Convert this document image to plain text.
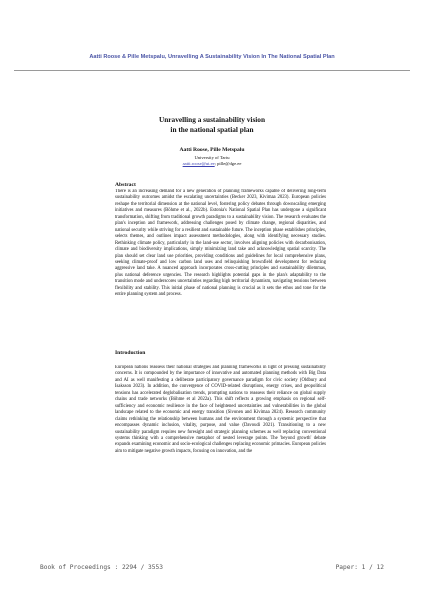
Aatti Roose & Pille Metspalu, Unravelling A Sustainability Vision In The National Spatial Plan
Unravelling a sustainability vision
in the national spatial plan
Aatti Roose, Pille Metspalu
University of Tartu
aatti.roose@ut.ee; pille@dge.ee
Abstract
There is an increasing demand for a new generation of planning frameworks capable of delivering long-term sustainability outcomes amidst the escalating uncertainties (Becker 2023, Kivimaa 2023). European policies reshape the territorial dimension at the national level, fostering policy debates through downscaling emerging initiatives and measures (Böhme et al., 2022b). Estonia's National Spatial Plan has undergone a significant transformation, shifting from traditional growth paradigms to a sustainability vision. The research evaluates the plan's inception and framework, addressing challenges posed by climate change, regional disparities, and national security while striving for a resilient and sustainable future. The inception phase establishes principles, selects themes, and outlines impact assessment methodologies, along with identifying necessary studies. Rethinking climate policy, particularly in the land-use sector, involves aligning policies with decarbonisation, climate and biodiversity implications, simply minimizing land take and acknowledging spatial scarcity. The plan should set clear land use priorities, providing conditions and guidelines for local comprehensive plans, seeking climate-proof and low carbon land uses and relinquishing brownfield development for reducing aggressive land take. A nuanced approach incorporates cross-cutting principles and sustainability dilemmas, plus national deference urgencies. The research highlights potential gaps in the plan's adaptability to the transition mode and underscores uncertainties regarding high territorial dynamism, navigating tensions between flexibility and stability. This initial phase of national planning is crucial as it sets the ethos and tone for the entire planning system and process.
Introduction
European nations reassess their national strategies and planning frameworks in light of pressing sustainability concerns. It is compounded by the importance of innovative and automated planning methods with Big Data and AI as well manifesting a deliberate participatory governance paradigm for civic society (Oldbury and Isaksson 2023). In addition, the convergence of COVID-related disruptions, energy crises, and geopolitical tensions has accelerated deglobalisation trends, prompting nations to reassess their reliance on global supply chains and trade networks (Böhme et al 2022a). This shift reflects a growing emphasis on regional self-sufficiency and economic resilience in the face of heightened uncertainties and vulnerabilities in the global landscape related to the economic and energy transition (Sivonen and Kivimaa 2024). Research community claims rethinking the relationship between humans and the environment through a systemic perspective that encompasses dynamic inclusion, vitality, purpose, and value (Davoudi 2021). Transitioning to a new sustainability paradigm requires new foresight and strategic planning schemes as well replacing conventional systems thinking with a comprehensive metaphor of nested leverage points. The 'beyond growth' debate expands examining economic and socio-ecological challenges replacing economic primacies. European policies aim to mitigate negative growth impacts, focusing on innovation, and the
Book of Proceedings : 2294 / 3553	Paper: 1 / 12
